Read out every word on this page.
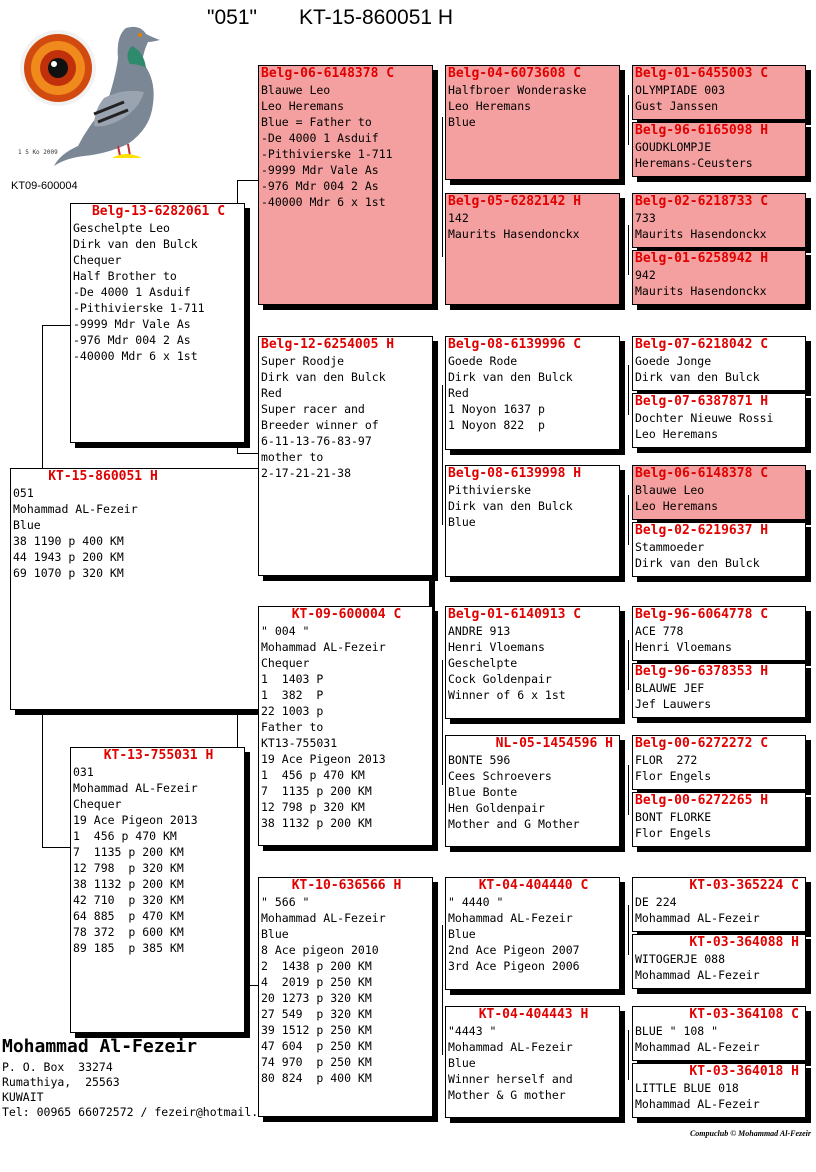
"051" KT-15-860051 H
1 5 Ko 2009
KT09-600004
KT-15-860051 H
051
Mohammad AL-Fezeir
Blue
38 1190 p 400 KM
44 1943 p 200 KM
69 1070 p 320 KM
Belg-13-6282061 C
Geschelpte Leo
Dirk van den Bulck
Chequer
Half Brother to
-De 4000 1 Asduif
-Pithivierske 1-711
-9999 Mdr Vale As
-976 Mdr 004 2 As
-40000 Mdr 6 x 1st
KT-13-755031 H
031
Mohammad AL-Fezeir
Chequer
19 Ace Pigeon 2013
1  456 p 470 KM
7  1135 p 200 KM
12 798  p 320 KM
38 1132 p 200 KM
42 710  p 320 KM
64 885  p 470 KM
78 372  p 600 KM
89 185  p 385 KM
Belg-06-6148378 C
Blauwe Leo
Leo Heremans
Blue = Father to
-De 4000 1 Asduif
-Pithivierske 1-711
-9999 Mdr Vale As
-976 Mdr 004 2 As
-40000 Mdr 6 x 1st
Belg-12-6254005 H
Super Roodje
Dirk van den Bulck
Red
Super racer and
Breeder winner of
6-11-13-76-83-97
mother to
2-17-21-21-38
KT-09-600004 C
" 004 "
Mohammad AL-Fezeir
Chequer
1  1403 P
1  382  P
22 1003 p
Father to
KT13-755031
19 Ace Pigeon 2013
1  456 p 470 KM
7  1135 p 200 KM
12 798 p 320 KM
38 1132 p 200 KM
KT-10-636566 H
" 566 "
Mohammad AL-Fezeir
Blue
8 Ace pigeon 2010
2  1438 p 200 KM
4  2019 p 250 KM
20 1273 p 320 KM
27 549  p 320 KM
39 1512 p 250 KM
47 604  p 250 KM
74 970  p 250 KM
80 824  p 400 KM
Belg-04-6073608 C
Halfbroer Wonderaske
Leo Heremans
Blue
Belg-05-6282142 H
142
Maurits Hasendonckx
Belg-08-6139996 C
Goede Rode
Dirk van den Bulck
Red
1 Noyon 1637 p
1 Noyon 822  p
Belg-08-6139998 H
Pithivierske
Dirk van den Bulck
Blue
Belg-01-6140913 C
ANDRE 913
Henri Vloemans
Geschelpte
Cock Goldenpair
Winner of 6 x 1st
NL-05-1454596 H
BONTE 596
Cees Schroevers
Blue Bonte
Hen Goldenpair
Mother and G Mother
KT-04-404440 C
" 4440 "
Mohammad AL-Fezeir
Blue
2nd Ace Pigeon 2007
3rd Ace Pigeon 2006
KT-04-404443 H
"4443 "
Mohammad AL-Fezeir
Blue
Winner herself and
Mother & G mother
Belg-01-6455003 C
OLYMPIADE 003
Gust Janssen
Belg-96-6165098 H
GOUDKLOMPJE
Heremans-Ceusters
Belg-02-6218733 C
733
Maurits Hasendonckx
Belg-01-6258942 H
942
Maurits Hasendonckx
Belg-07-6218042 C
Goede Jonge
Dirk van den Bulck
Belg-07-6387871 H
Dochter Nieuwe Rossi
Leo Heremans
Belg-06-6148378 C
Blauwe Leo
Leo Heremans
Belg-02-6219637 H
Stammoeder
Dirk van den Bulck
Belg-96-6064778 C
ACE 778
Henri Vloemans
Belg-96-6378353 H
BLAUWE JEF
Jef Lauwers
Belg-00-6272272 C
FLOR  272
Flor Engels
Belg-00-6272265 H
BONT FLORKE
Flor Engels
KT-03-365224 C
DE 224
Mohammad AL-Fezeir
KT-03-364088 H
WITOGERJE 088
Mohammad AL-Fezeir
KT-03-364108 C
BLUE " 108 "
Mohammad AL-Fezeir
KT-03-364018 H
LITTLE BLUE 018
Mohammad AL-Fezeir
Mohammad Al-Fezeir
P. O. Box  33274
Rumathiya,  25563
KUWAIT
Tel: 00965 66072572 / fezeir@hotmail.
Compuclub © Mohammad Al-Fezeir
